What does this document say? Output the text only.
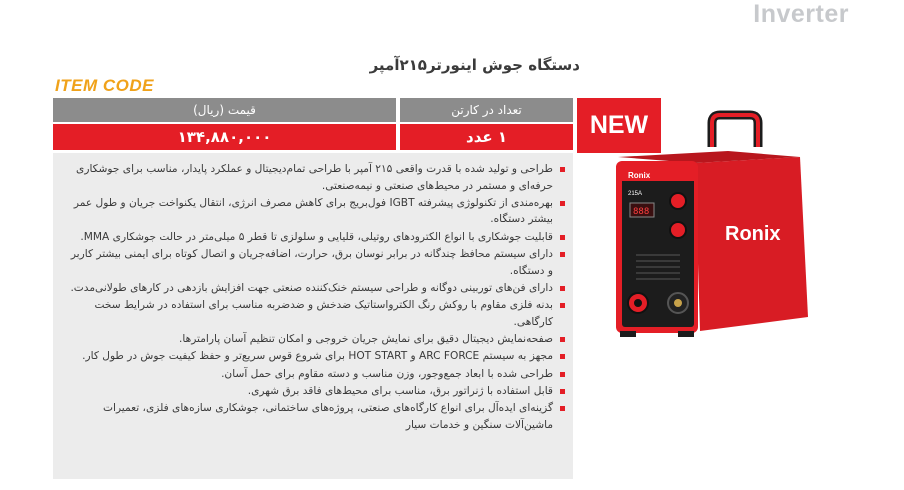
Inverter
دستگاه جوش اینورتر۲۱۵آمپر
ITEM CODE
قیمت (ریال)	تعداد در کارتن
۱۳۴,۸۸۰,۰۰۰	۱ عدد	NEW
طراحی و تولید شده با قدرت واقعی ۲۱۵ آمپر با طراحی تمام‌دیجیتال و عملکرد پایدار، مناسب برای جوشکاری حرفه‌ای و مستمر در محیط‌های صنعتی و نیمه‌صنعتی.
بهره‌مندی از تکنولوژی پیشرفته IGBT فول‌بریج برای کاهش مصرف انرژی، انتقال یکنواخت جریان و طول عمر بیشتر دستگاه.
قابلیت جوشکاری با انواع الکترودهای روتیلی، قلیایی و سلولزی تا قطر ۵ میلی‌متر در حالت جوشکاری MMA.
دارای سیستم محافظ چندگانه در برابر نوسان برق، حرارت، اضافه‌جریان و اتصال کوتاه برای ایمنی بیشتر کاربر و دستگاه.
دارای فن‌های توربینی دوگانه و طراحی سیستم خنک‌کننده صنعتی جهت افزایش بازدهی در کارهای طولانی‌مدت.
بدنه فلزی مقاوم با روکش رنگ الکترواستاتیک ضدخش و ضدضربه مناسب برای استفاده در شرایط سخت کارگاهی.
صفحه‌نمایش دیجیتال دقیق برای نمایش جریان خروجی و امکان تنظیم آسان پارامترها.
مجهز به سیستم ARC FORCE و HOT START برای شروع قوس سریع‌تر و حفظ کیفیت جوش در طول کار.
طراحی شده با ابعاد جمع‌وجور، وزن مناسب و دسته مقاوم برای حمل آسان.
قابل استفاده با ژنراتور برق، مناسب برای محیط‌های فاقد برق شهری.
گزینه‌ای ایده‌آل برای انواع کارگاه‌های صنعتی، پروژه‌های ساختمانی، جوشکاری سازه‌های فلزی، تعمیرات ماشین‌آلات سنگین و خدمات سیار
Ronix
215A
888
Ronix
